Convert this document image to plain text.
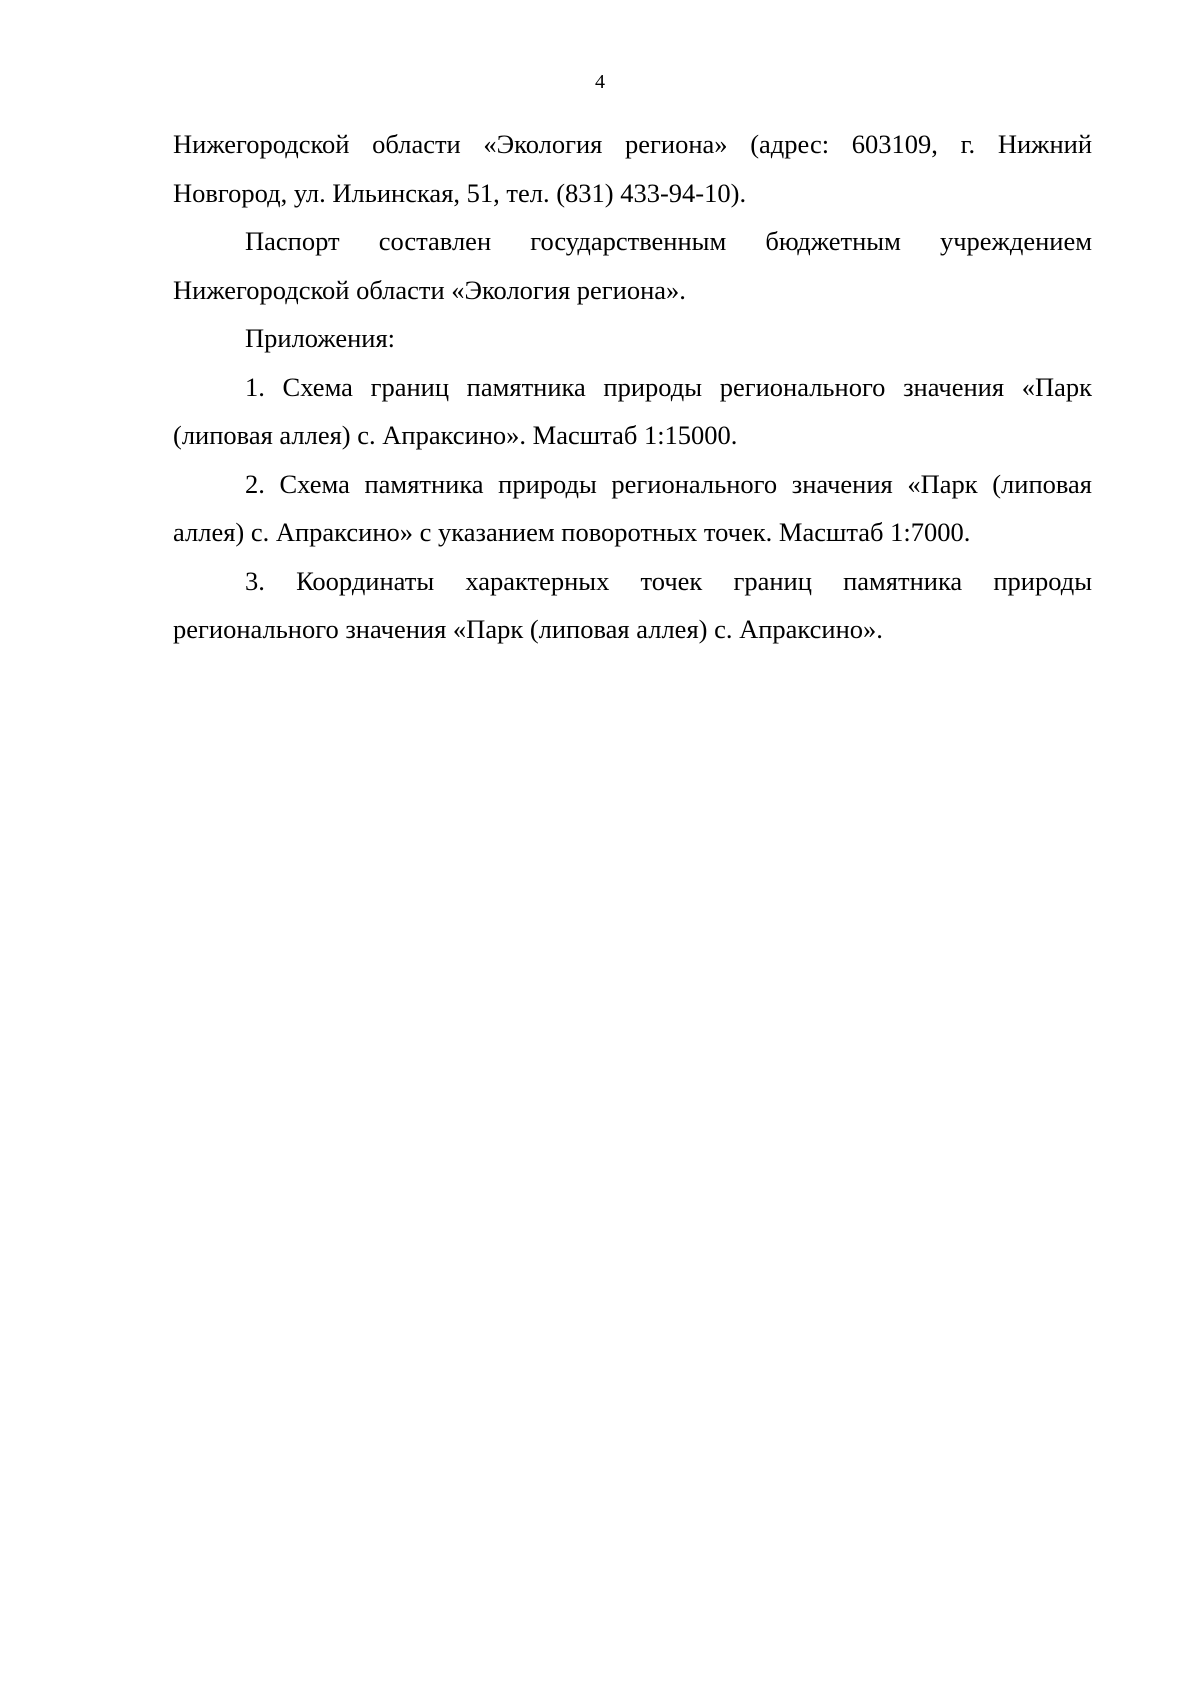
4

Нижегородской области «Экология региона» (адрес: 603109, г. Нижний Новгород, ул. Ильинская, 51, тел. (831) 433-94-10).

Паспорт составлен государственным бюджетным учреждением Нижегородской области «Экология региона».

Приложения:

1. Схема границ памятника природы регионального значения «Парк (липовая аллея) с. Апраксино». Масштаб 1:15000.

2. Схема памятника природы регионального значения «Парк (липовая аллея) с. Апраксино» с указанием поворотных точек. Масштаб 1:7000.

3. Координаты характерных точек границ памятника природы регионального значения «Парк (липовая аллея) с. Апраксино».
